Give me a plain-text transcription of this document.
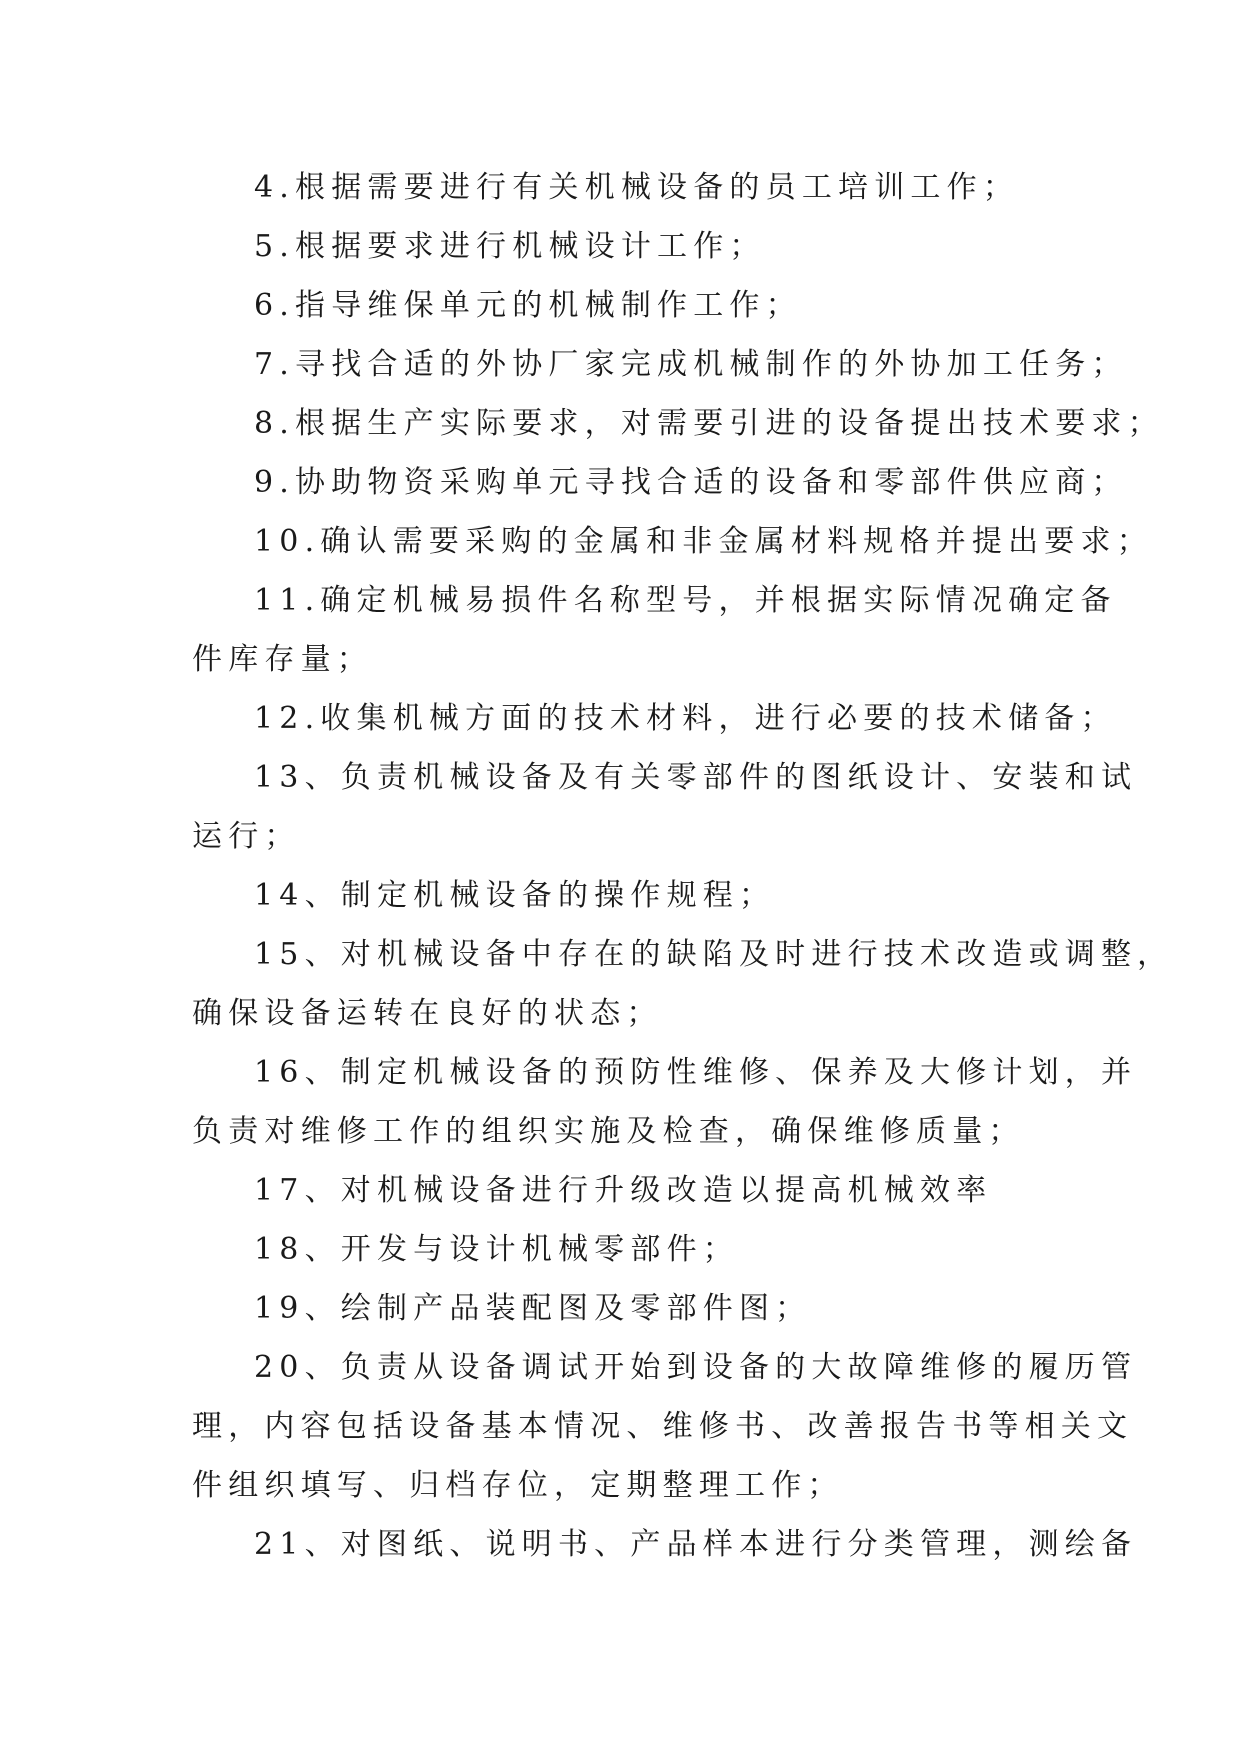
4.根据需要进行有关机械设备的员工培训工作；
5.根据要求进行机械设计工作；
6.指导维保单元的机械制作工作；
7.寻找合适的外协厂家完成机械制作的外协加工任务；
8.根据生产实际要求，对需要引进的设备提出技术要求；
9.协助物资采购单元寻找合适的设备和零部件供应商；
10.确认需要采购的金属和非金属材料规格并提出要求；
11.确定机械易损件名称型号，并根据实际情况确定备
件库存量；
12.收集机械方面的技术材料，进行必要的技术储备；
13、负责机械设备及有关零部件的图纸设计、安装和试
运行；
14、制定机械设备的操作规程；
15、对机械设备中存在的缺陷及时进行技术改造或调整，
确保设备运转在良好的状态；
16、制定机械设备的预防性维修、保养及大修计划，并
负责对维修工作的组织实施及检查，确保维修质量；
17、对机械设备进行升级改造以提高机械效率
18、开发与设计机械零部件；
19、绘制产品装配图及零部件图；
20、负责从设备调试开始到设备的大故障维修的履历管
理，内容包括设备基本情况、维修书、改善报告书等相关文
件组织填写、归档存位，定期整理工作；
21、对图纸、说明书、产品样本进行分类管理，测绘备
